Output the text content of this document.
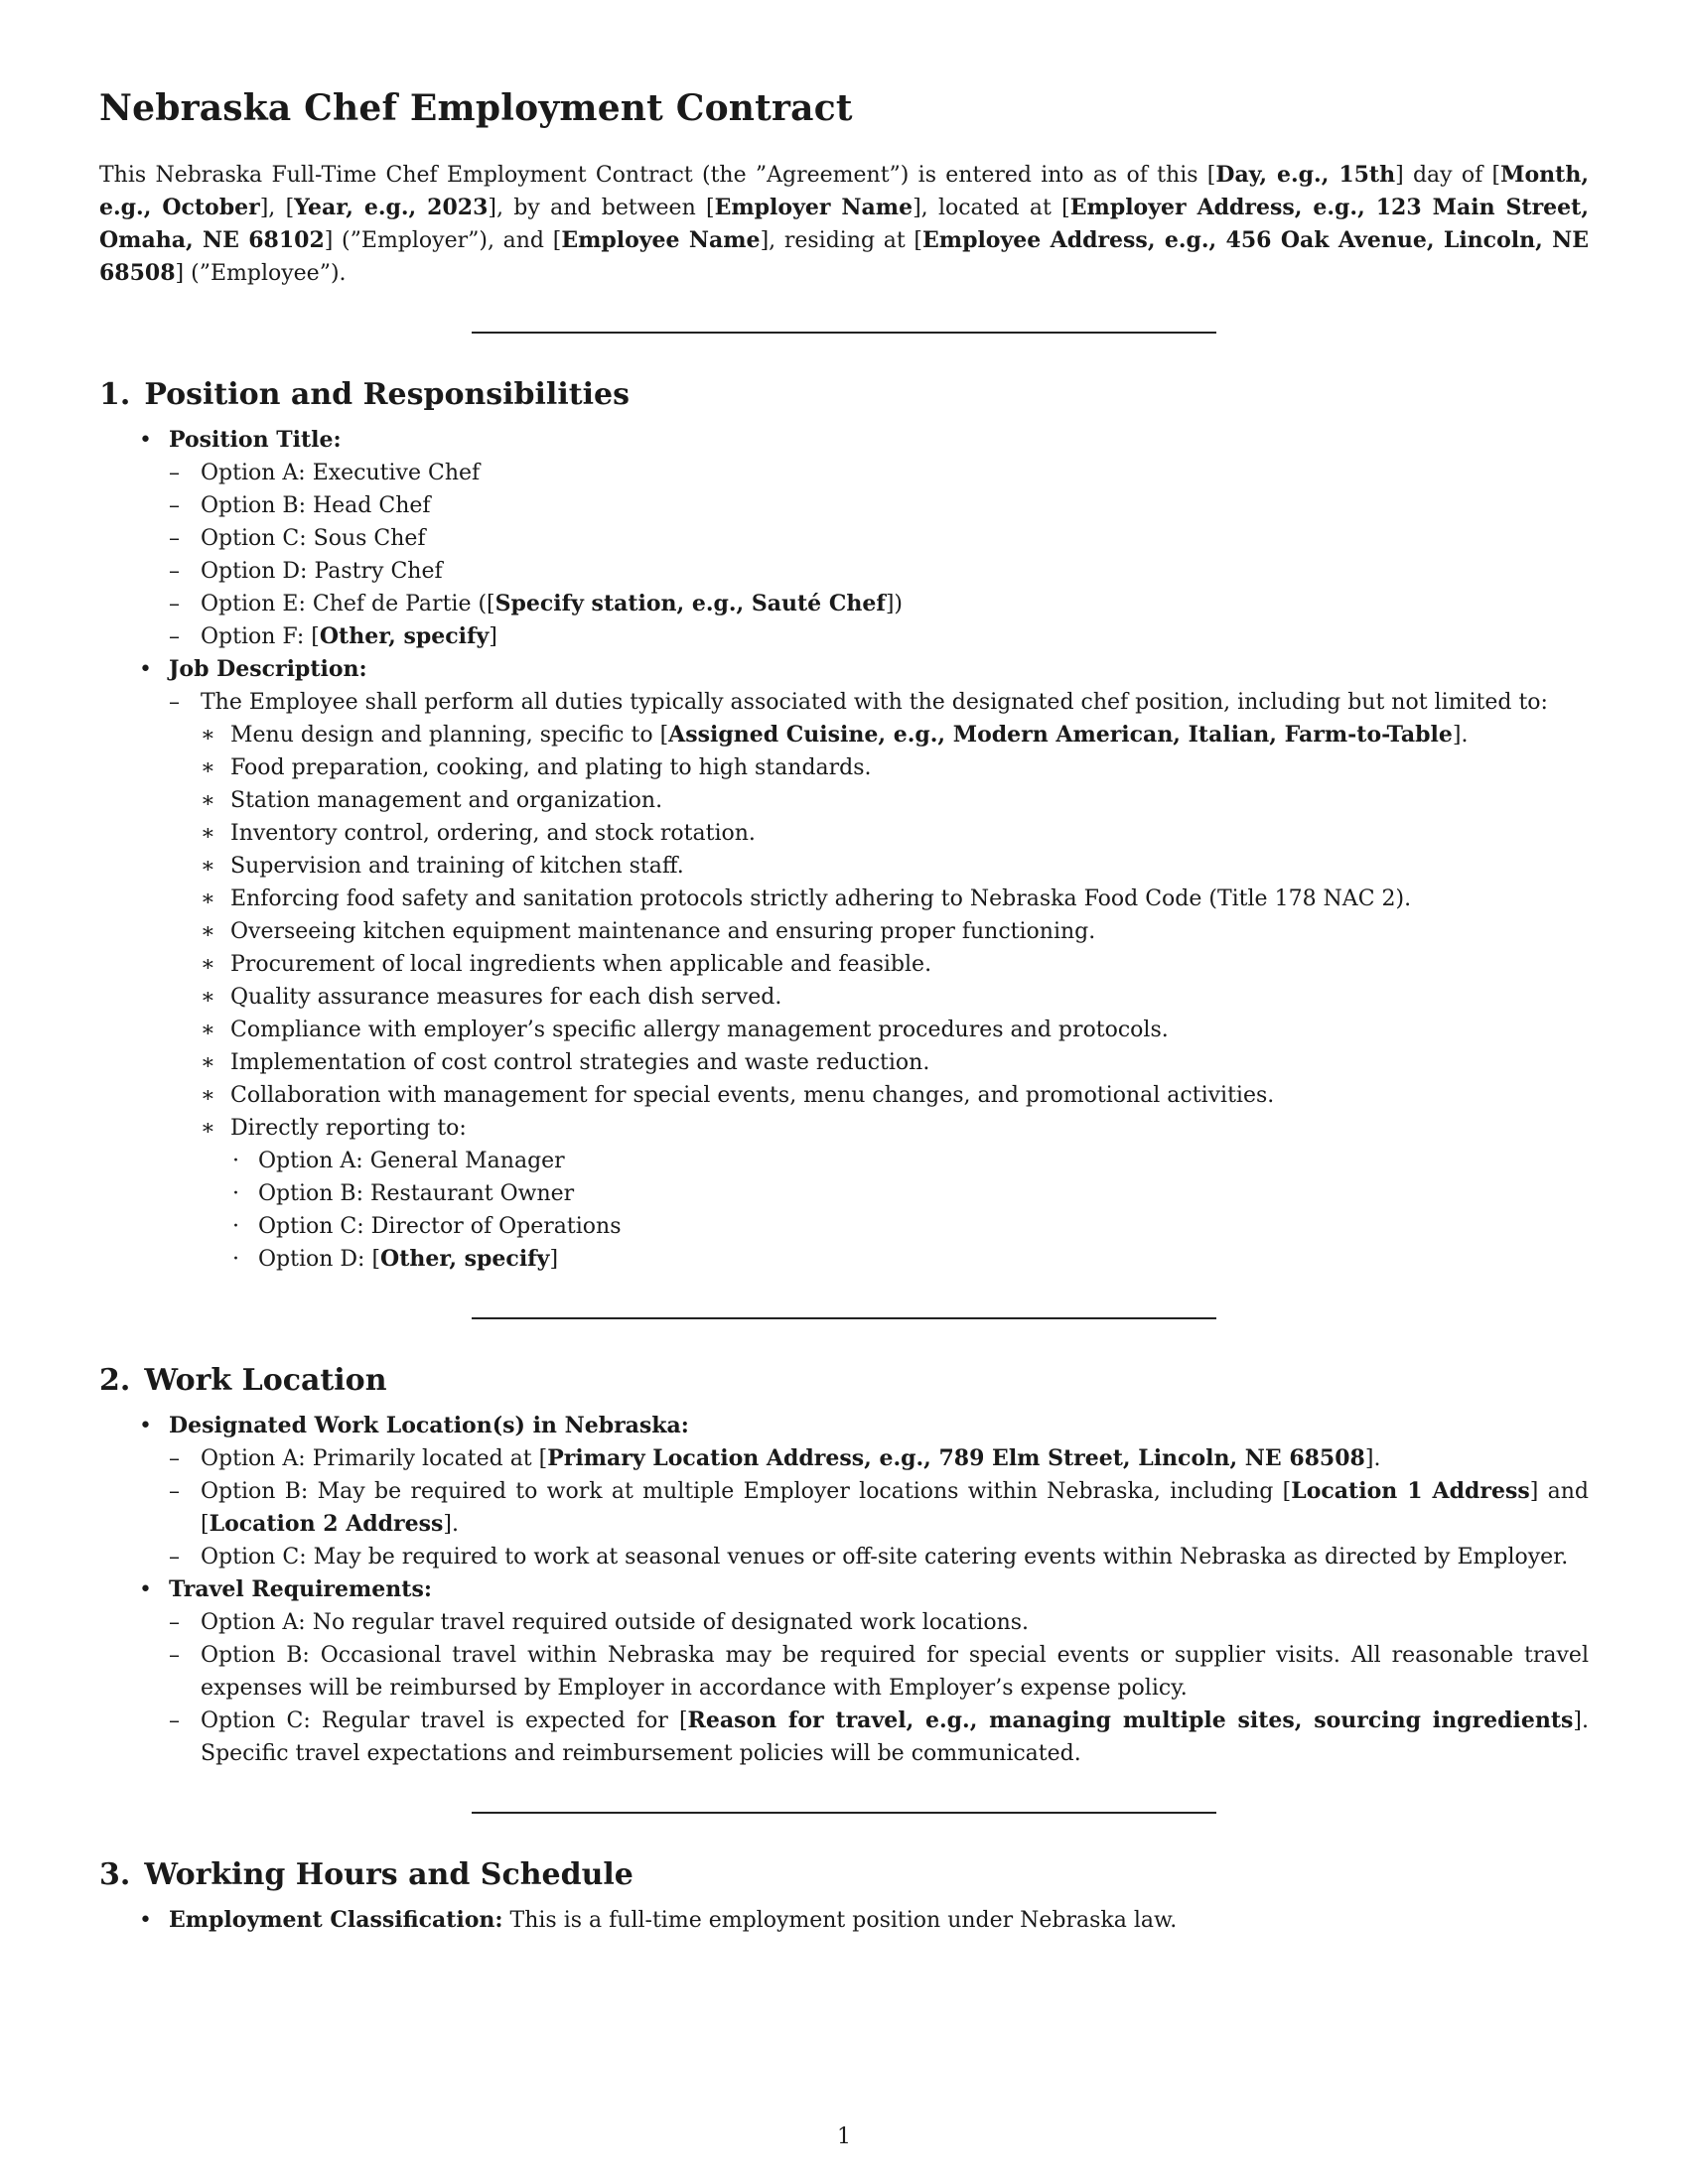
Nebraska Chef Employment Contract

This Nebraska Full-Time Chef Employment Contract (the ”Agreement”) is entered into as of this [Day, e.g., 15th] day of [Month, e.g., October], [Year, e.g., 2023], by and between [Employer Name], located at [Employer Address, e.g., 123 Main Street, Omaha, NE 68102] (”Employer”), and [Employee Name], residing at [Employee Address, e.g., 456 Oak Avenue, Lincoln, NE 68508] (”Employee”).

1. Position and Responsibilities
• Position Title:
– Option A: Executive Chef
– Option B: Head Chef
– Option C: Sous Chef
– Option D: Pastry Chef
– Option E: Chef de Partie ([Specify station, e.g., Sauté Chef])
– Option F: [Other, specify]
• Job Description:
– The Employee shall perform all duties typically associated with the designated chef position, including but not limited to:
∗ Menu design and planning, specific to [Assigned Cuisine, e.g., Modern American, Italian, Farm-to-Table].
∗ Food preparation, cooking, and plating to high standards.
∗ Station management and organization.
∗ Inventory control, ordering, and stock rotation.
∗ Supervision and training of kitchen staff.
∗ Enforcing food safety and sanitation protocols strictly adhering to Nebraska Food Code (Title 178 NAC 2).
∗ Overseeing kitchen equipment maintenance and ensuring proper functioning.
∗ Procurement of local ingredients when applicable and feasible.
∗ Quality assurance measures for each dish served.
∗ Compliance with employer’s specific allergy management procedures and protocols.
∗ Implementation of cost control strategies and waste reduction.
∗ Collaboration with management for special events, menu changes, and promotional activities.
∗ Directly reporting to:
· Option A: General Manager
· Option B: Restaurant Owner
· Option C: Director of Operations
· Option D: [Other, specify]
2. Work Location
• Designated Work Location(s) in Nebraska:
– Option A: Primarily located at [Primary Location Address, e.g., 789 Elm Street, Lincoln, NE 68508].
– Option B: May be required to work at multiple Employer locations within Nebraska, including [Location 1 Address] and [Location 2 Address].
– Option C: May be required to work at seasonal venues or off-site catering events within Nebraska as directed by Employer.
• Travel Requirements:
– Option A: No regular travel required outside of designated work locations.
– Option B: Occasional travel within Nebraska may be required for special events or supplier visits. All reasonable travel expenses will be reimbursed by Employer in accordance with Employer’s expense policy.
– Option C: Regular travel is expected for [Reason for travel, e.g., managing multiple sites, sourcing ingredients]. Specific travel expectations and reimbursement policies will be communicated.
3. Working Hours and Schedule
• Employment Classification: This is a full-time employment position under Nebraska law.
1
